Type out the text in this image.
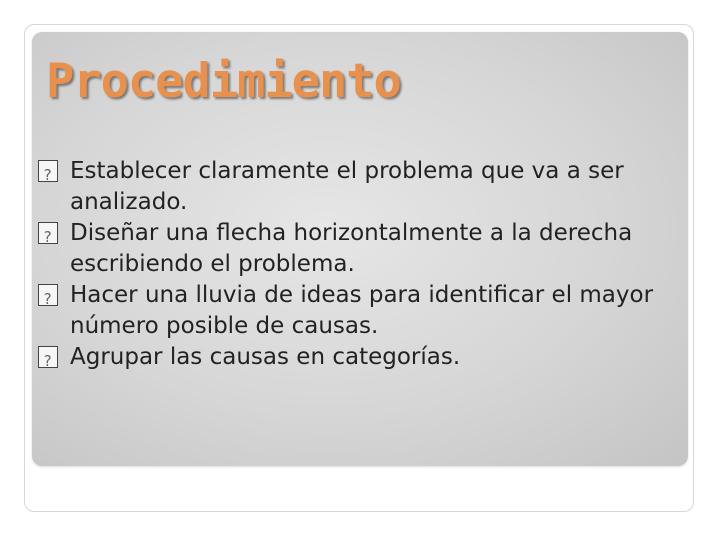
Procedimiento
?
Establecer claramente el problema que va a ser analizado.
?
Diseñar una flecha horizontalmente a la derecha escribiendo el problema.
?
Hacer una lluvia de ideas para identificar el mayor número posible de causas.
?
Agrupar las causas en categorías.
